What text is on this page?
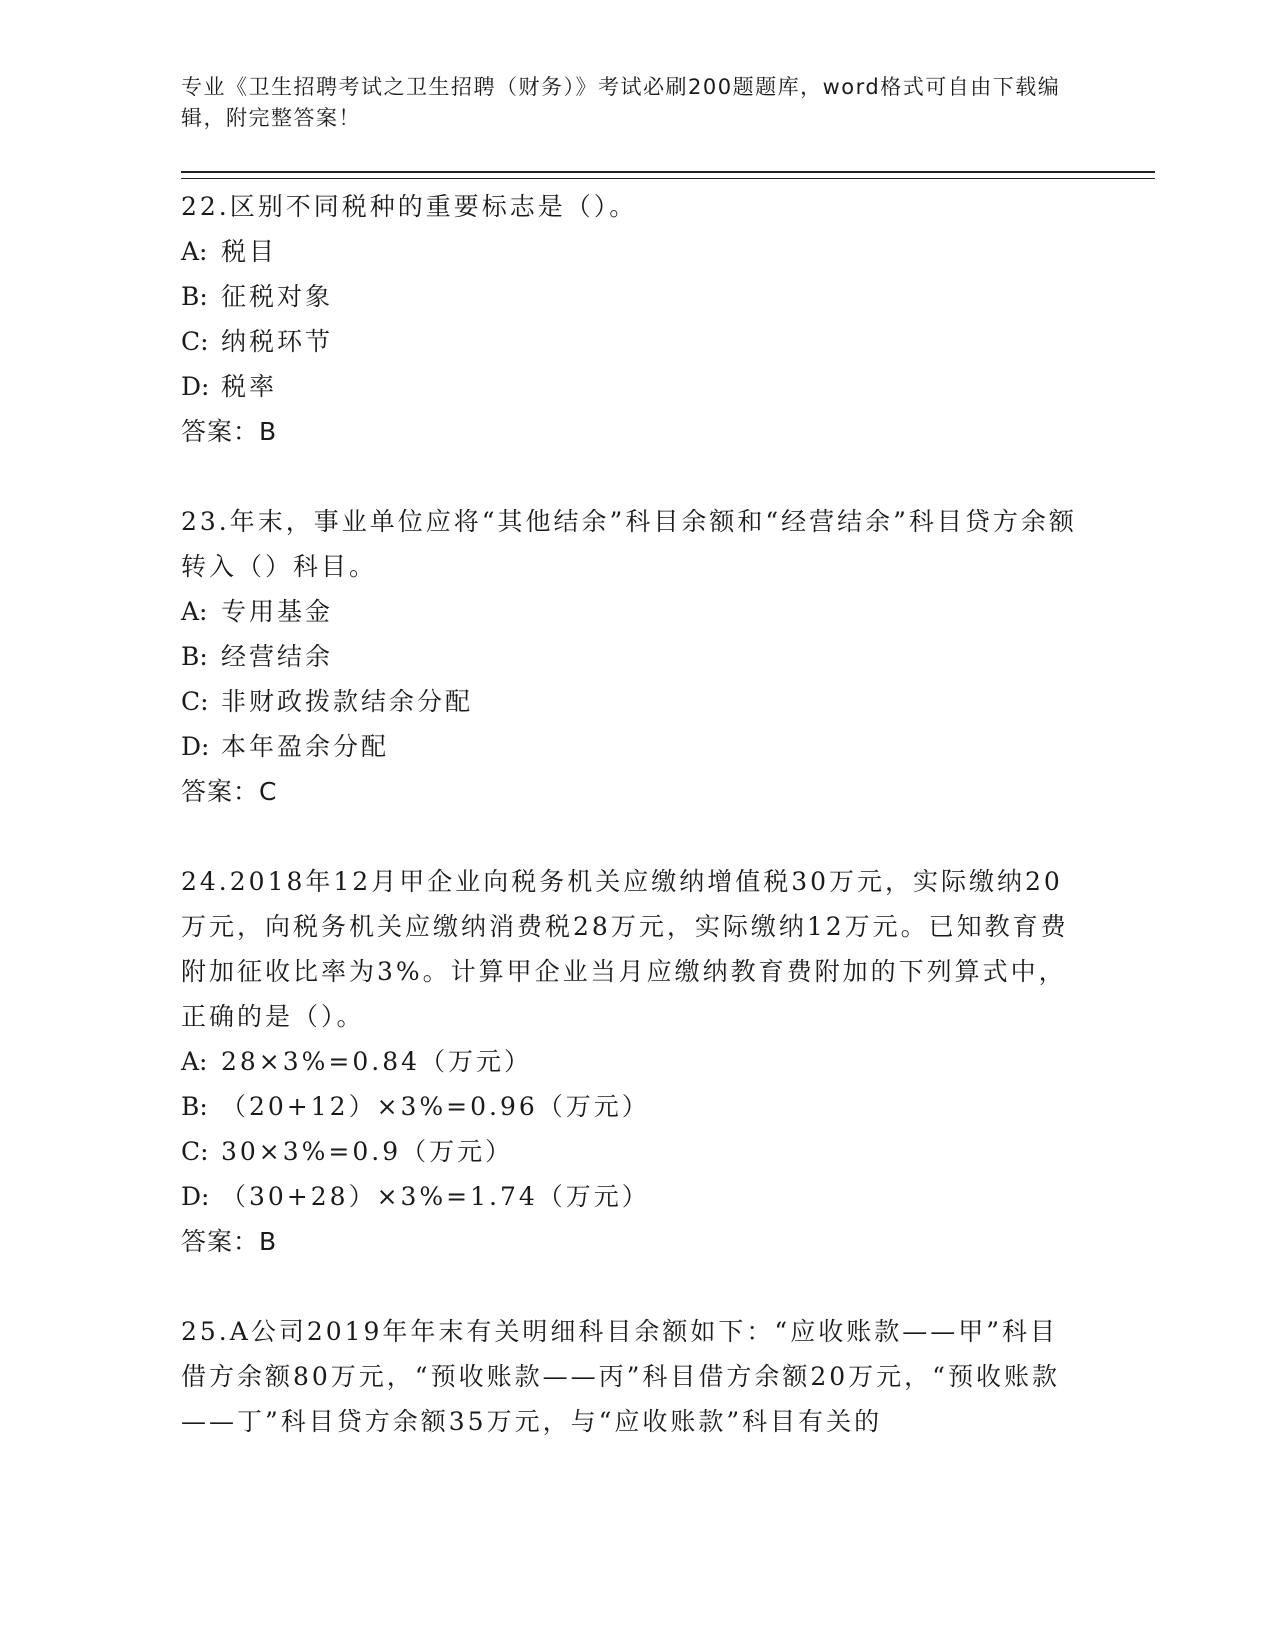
专业《卫生招聘考试之卫生招聘（财务）》考试必刷200题题库，word格式可自由下载编辑，附完整答案！

22.区别不同税种的重要标志是（）。

A: 税目

B: 征税对象

C: 纳税环节

D: 税率

答案：B

23.年末，事业单位应将“其他结余”科目余额和“经营结余”科目贷方余额转入（）科目。

A: 专用基金

B: 经营结余

C: 非财政拨款结余分配

D: 本年盈余分配

答案：C

24.2018年12月甲企业向税务机关应缴纳增值税30万元，实际缴纳20万元，向税务机关应缴纳消费税28万元，实际缴纳12万元。已知教育费附加征收比率为3%。计算甲企业当月应缴纳教育费附加的下列算式中，正确的是（）。

A: 28×3%=0.84（万元）

B: （20+12）×3%=0.96（万元）

C: 30×3%=0.9（万元）

D: （30+28）×3%=1.74（万元）

答案：B

25.A公司2019年年末有关明细科目余额如下：“应收账款——甲”科目借方余额80万元，“预收账款——丙”科目借方余额20万元，“预收账款——丁”科目贷方余额35万元，与“应收账款”科目有关的
